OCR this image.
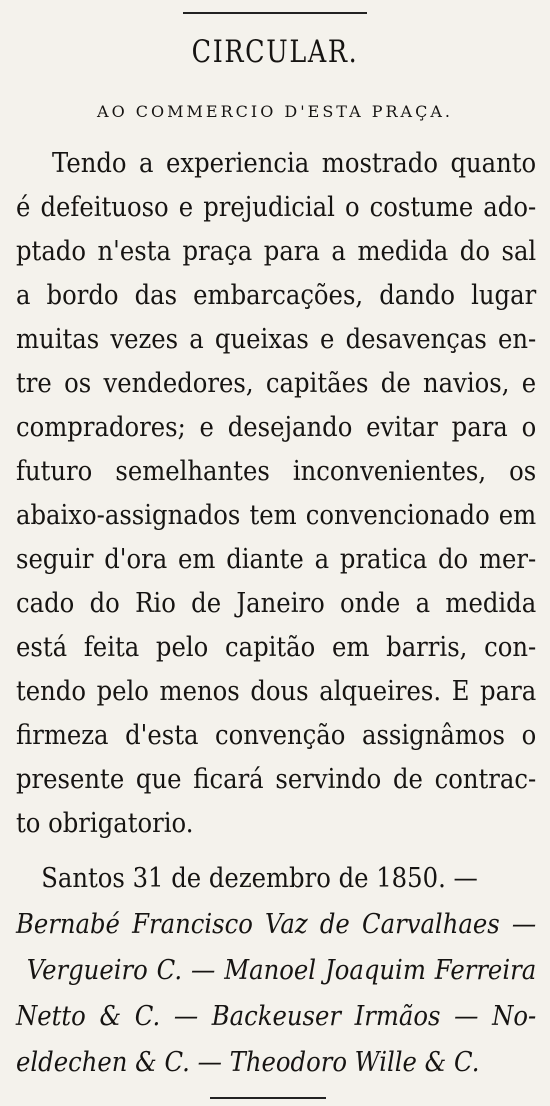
CIRCULAR.
AO COMMERCIO D'ESTA PRAÇA.
Tendo a experiencia mostrado quanto
é defeituoso e prejudicial o costume ado-
ptado n'esta praça para a medida do sal
a bordo das embarcações, dando lugar
muitas vezes a queixas e desavenças en-
tre os vendedores, capitães de navios, e
compradores; e desejando evitar para o
futuro semelhantes inconvenientes, os
abaixo-assignados tem convencionado em
seguir d'ora em diante a pratica do mer-
cado do Rio de Janeiro onde a medida
está feita pelo capitão em barris, con-
tendo pelo menos dous alqueires. E para
firmeza d'esta convenção assignâmos o
presente que ficará servindo de contrac-
to obrigatorio.
Santos 31 de dezembro de 1850. —
Bernabé Francisco Vaz de Carvalhaes —
Vergueiro C. — Manoel Joaquim Ferreira
Netto & C. — Backeuser Irmãos — No-
eldechen & C. — Theodoro Wille & C.
